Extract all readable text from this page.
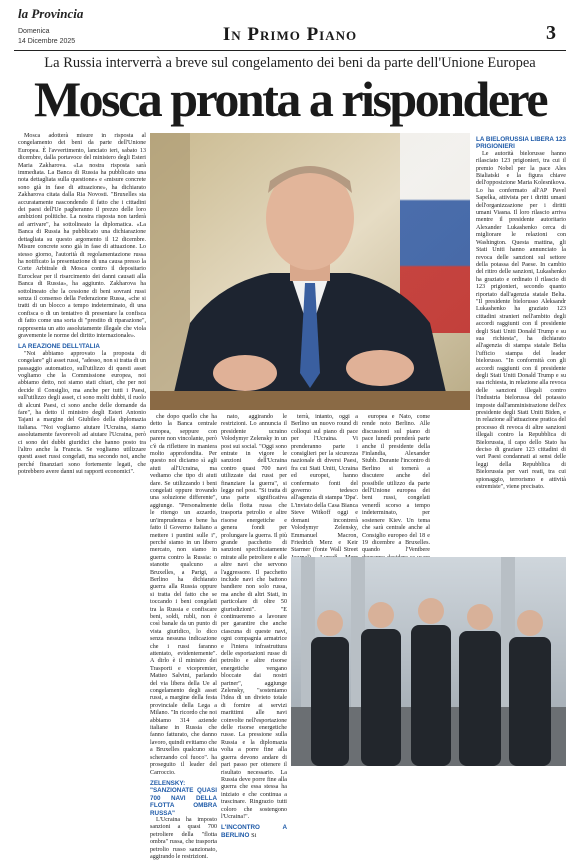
la Provincia
Domenica
14 Dicembre 2025	In Primo Piano	3
La Russia interverrà a breve sul congelamento dei beni da parte dell'Unione Europea
Mosca pronta a rispondere

Mosca adotterà misure in risposta al congelamento dei beni da parte dell'Unione Europea. È l'avvertimento, lanciato ieri, sabato 13 dicembre, dalla portavoce del ministero degli Esteri Maria Zakharova. «La nostra risposta sarà immediata. La Banca di Russia ha pubblicato una nota dettagliata sulla questione» e «misure concrete sono già in fase di attuazione», ha dichiarato Zakharova citata dalla Ria Novosti. "Bruxelles sta accuratamente nascondendo il fatto che i cittadini dei paesi dell'Ue pagheranno il prezzo delle loro ambizioni politiche. La nostra risposta non tarderà ad arrivare", ha sottolineato la diplomatica. «La Banca di Russia ha pubblicato una dichiarazione dettagliata su questo argomento il 12 dicembre. Misure concrete sono già in fase di attuazione. Lo stesso giorno, l'autorità di regolamentazione russa ha notificato la presentazione di una causa presso la Corte Arbitrale di Mosca contro il depositario Euroclear per il risarcimento dei danni causati alla Banca di Russia», ha aggiunto. Zakharova ha sottolineato che la cessione di beni sovrani russi senza il consenso della Federazione Russa, «che si tratti di un blocco a tempo indeterminato, di una confisca o di un tentativo di presentare la confisca di fatto come una sorta di "prestito di riparazione", rappresenta un atto assolutamente illegale che viola gravemente le norme del diritto internazionale».

LA REAZIONE DELL'ITALIA

"Noi abbiamo approvato la proposta di congelare" gli asset russi, "adesso, non si tratta di un passaggio automatico, sull'utilizzo di questi asset vogliamo che la Commissione europea, noi abbiamo detto, noi siamo stati chiari, che per noi decide il Consiglio, ma anche per tutti i Paesi, sull'utilizzo degli asset, ci sono molti dubbi, il ruolo di alcuni Paesi, ci sono anche delle domande da fare", ha detto il ministro degli Esteri Antonio Tajani a margine del Giubileo della diplomazia italiana. "Noi vogliamo aiutare l'Ucraina, siamo assolutamente favorevoli ad aiutare l'Ucraina, però ci sono dei dubbi giuridici che hanno posto tra l'altro anche la Francia. Se vogliamo utilizzare questi asset russi congelati, ma secondo noi, anche perché finanziari sono fortemente legati, che potrebbero avere danni sui rapporti economici".

che dopo quello che ha detto la Banca centrale europea, seppure con parere non vincolante, però c'è da riflettere in maniera molto approfondita. Per questo noi diciamo sì agli aiuti all'Ucraina, ma vediamo che tipo di aiuti dare. Se utilizzando i beni congelati oppure trovando una soluzione differente", aggiunge. "Personalmente le ritengo un azzardo, un'imprudenza e bene ha fatto il Governo italiano a mettere i puntini sulle i", perché siamo in un libero mercato, non siamo in guerra contro la Russia: o stanotte qualcuno a Bruxelles, a Parigi, a Berlino ha dichiarato guerra alla Russia oppure si tratta del fatto che se toccando i beni congelati tra la Russia e confiscare beni, soldi, rubli, non è così banale da un punto di vista giuridico, lo dico senza nessuna indicazione che i russi faranno attentato, evidentemente". A dirlo è il ministro dei Trasporti e vicepremier, Matteo Salvini, parlando del via libera della Ue al congelamento degli asset russi, a margine della festa provinciale della Lega a Milano. "In ricordo che noi abbiamo 314 aziende italiane in Russia che fanno fatturato, che danno lavoro, quindi evitiamo che a Bruxelles qualcuno stia scherzando col fuoco". ha proseguito il leader del Carroccio.

ZELENSKY: "SANZIONATE QUASI 700 NAVI DELLA FLOTTA OMBRA RUSSA"

L'Ucraina ha imposto sanzioni a quasi 700 petroliere della "flotta ombra" russa, che trasporta petrolio russo sanzionato, aggirando le restrizioni.

nato, aggirando le restrizioni. Lo annuncia il presidente ucraino Volodymyr Zelensky in un post sui social. "Oggi sono entrate in vigore le sanzioni dell'Ucraina contro quasi 700 navi utilizzate dai russi per finanziare la guerra", si legge nel post. "Si tratta di una parte significativa della flotta russa che trasporta petrolio e altre risorse energetiche e genera fondi per prolungare la guerra. Il più grande pacchetto di sanzioni specificatamente mirate alle petroliere e alle altre navi che servono l'aggressore. Il pacchetto include navi che battono bandiere non solo russa, ma anche di altri Stati, in particolare di oltre 50 giurisdizioni". "E continueremo a lavorare per garantire che anche ciascuna di queste navi, ogni compagnia armatrice e l'intera infrastruttura delle esportazioni russe di petrolio e altre risorse energetiche vengano bloccate dai nostri partner", aggiunge Zelensky, "sosteniamo l'idea di un divieto totale di fornire ai servizi marittimi alle navi coinvolte nell'esportazione delle risorse energetiche russe. La pressione sulla Russia e la diplomazia volta a porre fine alla guerra devono andare di pari passo per ottenere il risultato necessario. La Russia deve porre fine alla guerra che essa stessa ha iniziato e che continua a trascinare. Ringrazio tutti coloro che sostengono l'Ucraina!".

L'INCONTRO A BERLINO Si

terrà, intanto, oggi a Berlino un nuovo round di colloqui sul piano di pace per l'Ucraina. Vi prenderanno parte i consiglieri per la sicurezza nazionale di diversi Paesi, fra cui Stati Uniti, Ucraina ed europei, hanno confermato fonti del governo tedesco all'agenzia di stampa 'Dpa'. L'inviato della Casa Bianca Steve Witkoff oggi e domani incontrerà Volodymyr Zelensky, Emmanuel Macron, Friedrich Merz e Keir Starmer (fonte Wall Street

europea e Nato, come rende noto Berlino. Alle discussioni sul piano di pace lunedì prenderà parte anche il presidente della Finlandia, Alexander Stubb. Durante l'incontro di Berlino si tornerà a discutere anche del possibile utilizzo da parte dell'Unione europea dei beni russi, congelati venerdì scorso a tempo indeterminato, per sostenere Kiev. Un tema che sarà centrale anche al Consiglio europeo del 18 e 19 dicembre a Bruxelles. quando l'Ventbere

LA BIELORUSSIA LIBERA 123 PRIGIONIERI

Le autorità bielorusse hanno rilasciato 123 prigionieri, tra cui il premio Nobel per la pace Ales Bialiatski e la figura chiave dell'opposizione Maria Kolesnikova. Lo ha confermato all'AP Pavel Sapelka, attivista per i diritti umani dell'organizzazione per i diritti umani Viasna. Il loro rilascio arriva mentre il presidente autoritario Alexander Lukashenko cerca di migliorare le relazioni con Washington. Questa mattina, gli Stati Uniti hanno annunciato la revoca delle sanzioni sul settore della potassa del Paese. In cambio del ritiro delle sanzioni, Lukashenko ha graziato e ordinato il rilascio di 123 prigionieri, secondo quanto riportato dall'agenzia statale Belta. "Il presidente bielorusso Aleksandr Lukashenko ha graziato 123 cittadini stranieri nell'ambito degli accordi raggiunti con il presidente degli Stati Uniti Donald Trump e su sua richiesta", ha dichiarato all'agenzia di stampa statale Belta l'ufficio stampa del leader bielorusso. "In conformità con gli accordi raggiunti con il presidente degli Stati Uniti Donald Trump e su sua richiesta, in relazione alla revoca delle sanzioni illegali contro l'industria bielorussa del potassio imposte dall'amministrazione dell'ex presidente degli Stati Uniti Biden, e in relazione all'attuazione pratica del processo di revoca di altre sanzioni illegali contro la Repubblica di Bielorussia, il capo dello Stato ha deciso di graziare 123 cittadini di vari Paesi condannati ai sensi delle leggi della Repubblica di Bielorussia per vari reati, tra cui spionaggio, terrorismo e attività estremiste", viene precisato.
